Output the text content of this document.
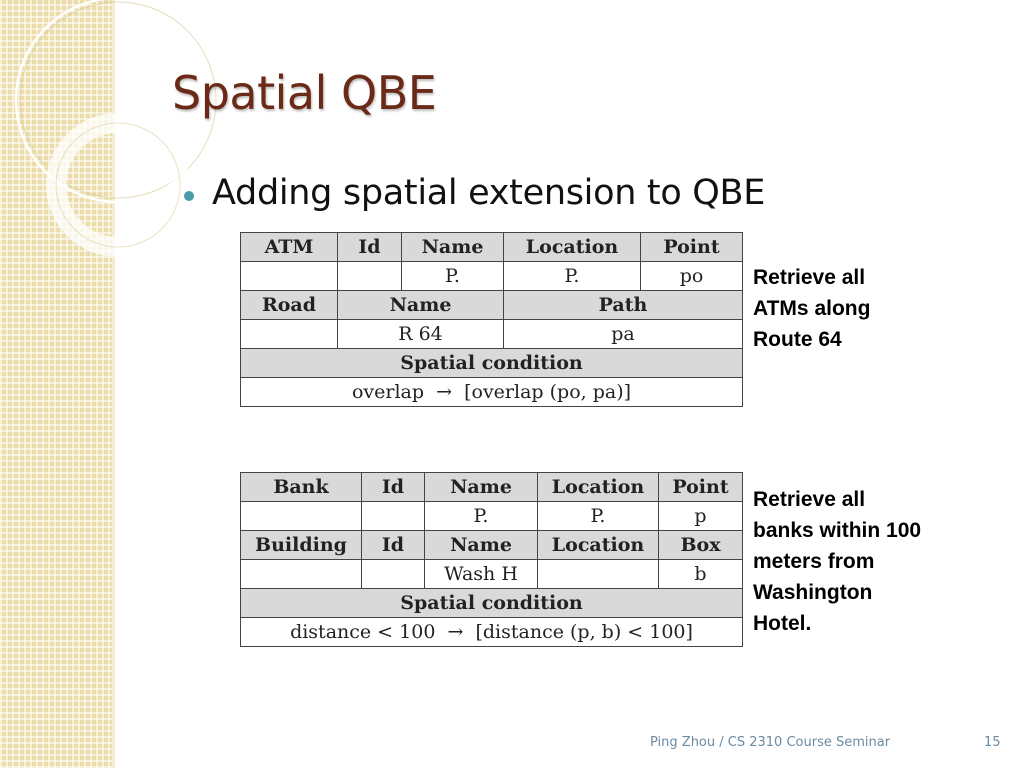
Spatial QBE
Adding spatial extension to QBE
ATM	Id	Name	Location	Point
		P.	P.	po
Road	Name		Path	
	R 64		pa	
Spatial condition				
overlap  →  [overlap (po, pa)]				
Retrieve all
ATMs along
Route 64
Bank	Id	Name	Location	Point
		P.	P.	p
Building	Id	Name	Location	Box
		Wash H		b
Spatial condition				
distance < 100  →  [distance (p, b) < 100]				
Retrieve all
banks within 100
meters from
Washington
Hotel.
Ping Zhou / CS 2310 Course Seminar	15
